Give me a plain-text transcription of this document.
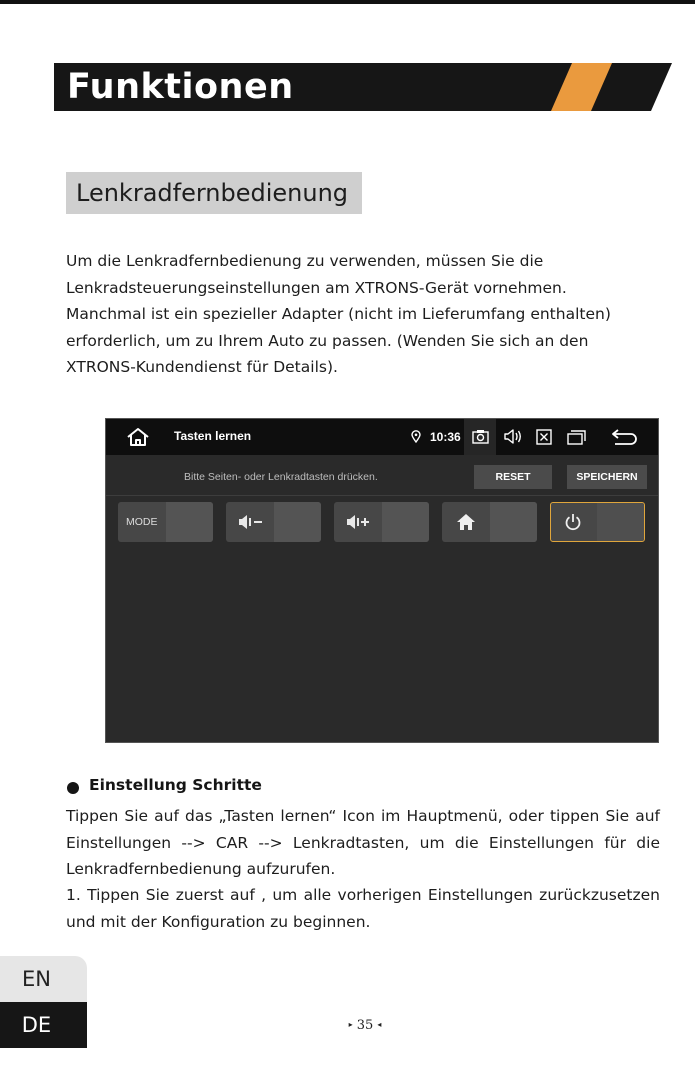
Funktionen
Lenkradfernbedienung
Um die Lenkradfernbedienung zu verwenden, müssen Sie die Lenkradsteuerungseinstellungen am XTRONS-Gerät vornehmen. Manchmal ist ein spezieller Adapter (nicht im Lieferumfang enthalten) erforderlich, um zu Ihrem Auto zu passen. (Wenden Sie sich an den XTRONS-Kundendienst für Details).
Tasten lernen	10:36
Bitte Seiten- oder Lenkradtasten drücken.	RESET	SPEICHERN
MODE
Einstellung Schritte
Tippen Sie auf das „Tasten lernen“ Icon im Hauptmenü, oder tippen Sie auf Einstellungen --> CAR --> Lenkradtasten, um die Einstellungen für die Lenkradfernbedienung aufzurufen.
1. Tippen Sie zuerst auf , um alle vorherigen Einstellungen zurückzusetzen und mit der Konfiguration zu beginnen.
EN
DE	▸ 35 ◂
